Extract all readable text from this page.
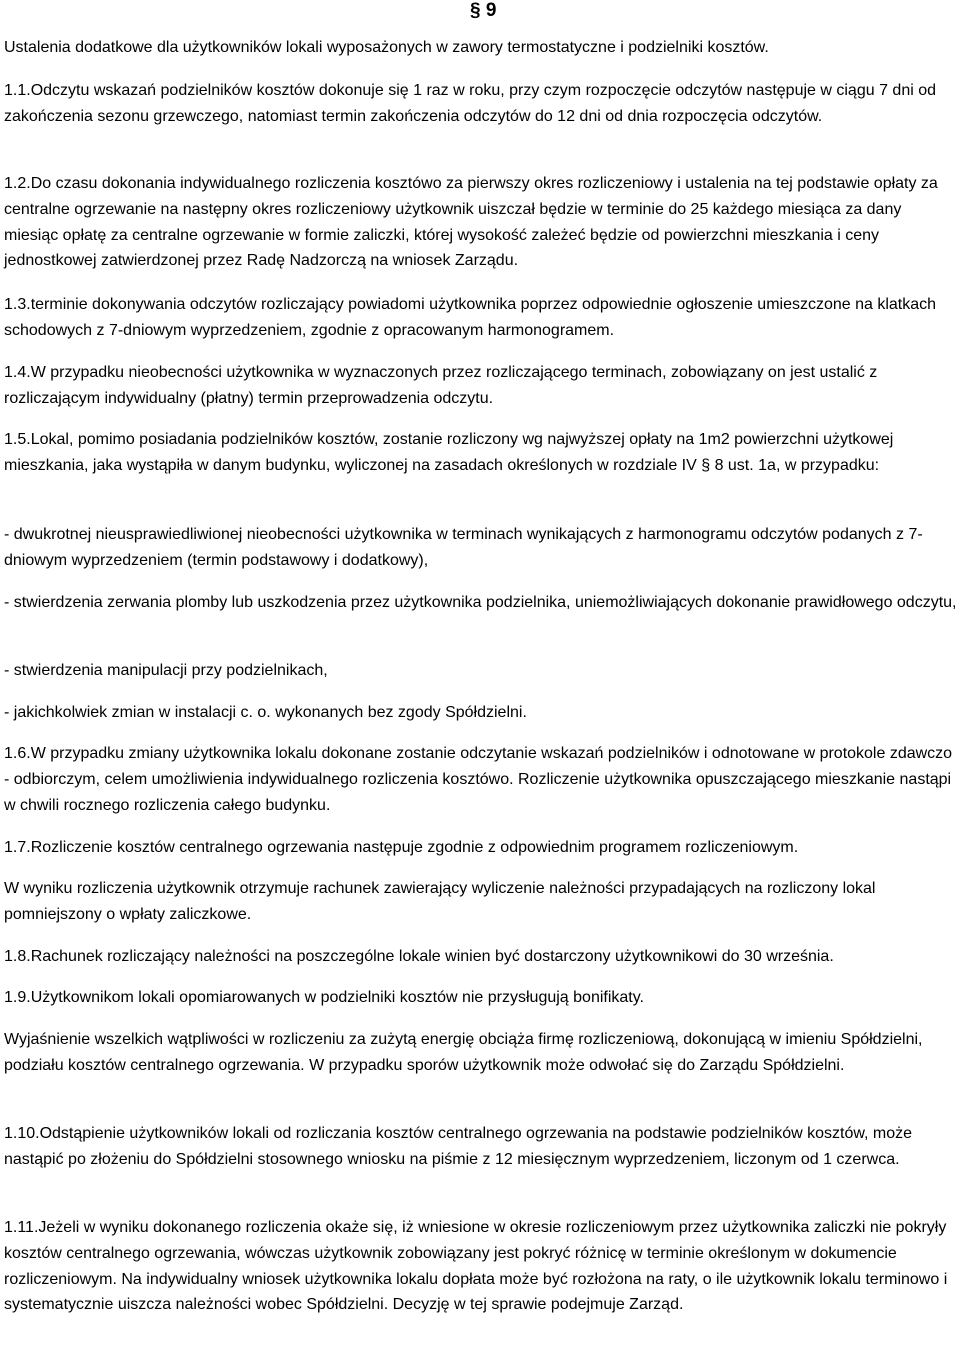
§ 9

Ustalenia dodatkowe dla użytkowników lokali wyposażonych w zawory termostatyczne i podzielniki kosztów.

1.1.Odczytu wskazań podzielników kosztów dokonuje się 1 raz w roku, przy czym rozpoczęcie odczytów następuje w ciągu 7 dni od zakończenia sezonu grzewczego, natomiast termin zakończenia odczytów do 12 dni od dnia rozpoczęcia odczytów.

1.2.Do czasu dokonania indywidualnego rozliczenia kosztówo za pierwszy okres rozliczeniowy i ustalenia na tej podstawie opłaty za centralne ogrzewanie na następny okres rozliczeniowy użytkownik uiszczał będzie w terminie do 25 każdego miesiąca za dany miesiąc opłatę za centralne ogrzewanie w formie zaliczki, której wysokość zależeć będzie od powierzchni mieszkania i ceny jednostkowej zatwierdzonej przez Radę Nadzorczą na wniosek Zarządu.

1.3.terminie dokonywania odczytów rozliczający powiadomi użytkownika poprzez odpowiednie ogłoszenie umieszczone na klatkach schodowych z 7-dniowym wyprzedzeniem, zgodnie z opracowanym harmonogramem.

1.4.W przypadku nieobecności użytkownika w wyznaczonych przez rozliczającego terminach, zobowiązany on jest ustalić z rozliczającym indywidualny (płatny) termin przeprowadzenia odczytu.

1.5.Lokal, pomimo posiadania podzielników kosztów, zostanie rozliczony wg najwyższej opłaty na 1m2 powierzchni użytkowej mieszkania, jaka wystąpiła w danym budynku, wyliczonej na zasadach określonych w rozdziale IV § 8 ust. 1a, w przypadku:

- dwukrotnej nieusprawiedliwionej nieobecności użytkownika w terminach wynikających z harmonogramu odczytów podanych z 7-dniowym wyprzedzeniem (termin podstawowy i dodatkowy),

- stwierdzenia zerwania plomby lub uszkodzenia przez użytkownika podzielnika, uniemożliwiających dokonanie prawidłowego odczytu,

- stwierdzenia manipulacji przy podzielnikach,

- jakichkolwiek zmian w instalacji c. o. wykonanych bez zgody Spółdzielni.

1.6.W przypadku zmiany użytkownika lokalu dokonane zostanie odczytanie wskazań podzielników i odnotowane w protokole zdawczo - odbiorczym, celem umożliwienia indywidualnego rozliczenia kosztówo. Rozliczenie użytkownika opuszczającego mieszkanie nastąpi w chwili rocznego rozliczenia całego budynku.

1.7.Rozliczenie kosztów centralnego ogrzewania następuje zgodnie z odpowiednim programem rozliczeniowym.

W wyniku rozliczenia użytkownik otrzymuje rachunek zawierający wyliczenie należności przypadających na rozliczony lokal pomniejszony o wpłaty zaliczkowe.

1.8.Rachunek rozliczający należności na poszczególne lokale winien być dostarczony użytkownikowi do 30 września.

1.9.Użytkownikom lokali opomiarowanych w podzielniki kosztów nie przysługują bonifikaty.

Wyjaśnienie wszelkich wątpliwości w rozliczeniu za zużytą energię obciąża firmę rozliczeniową, dokonującą w imieniu Spółdzielni, podziału kosztów centralnego ogrzewania. W przypadku sporów użytkownik może odwołać się do Zarządu Spółdzielni.

1.10.Odstąpienie użytkowników lokali od rozliczania kosztów centralnego ogrzewania na podstawie podzielników kosztów, może nastąpić po złożeniu do Spółdzielni stosownego wniosku na piśmie z 12 miesięcznym wyprzedzeniem, liczonym od 1 czerwca.

1.11.Jeżeli w wyniku dokonanego rozliczenia okaże się, iż wniesione w okresie rozliczeniowym przez użytkownika zaliczki nie pokryły kosztów centralnego ogrzewania, wówczas użytkownik zobowiązany jest pokryć różnicę w terminie określonym w dokumencie rozliczeniowym. Na indywidualny wniosek użytkownika lokalu dopłata może być rozłożona na raty, o ile użytkownik lokalu terminowo i systematycznie uiszcza należności wobec Spółdzielni. Decyzję w tej sprawie podejmuje Zarząd.
